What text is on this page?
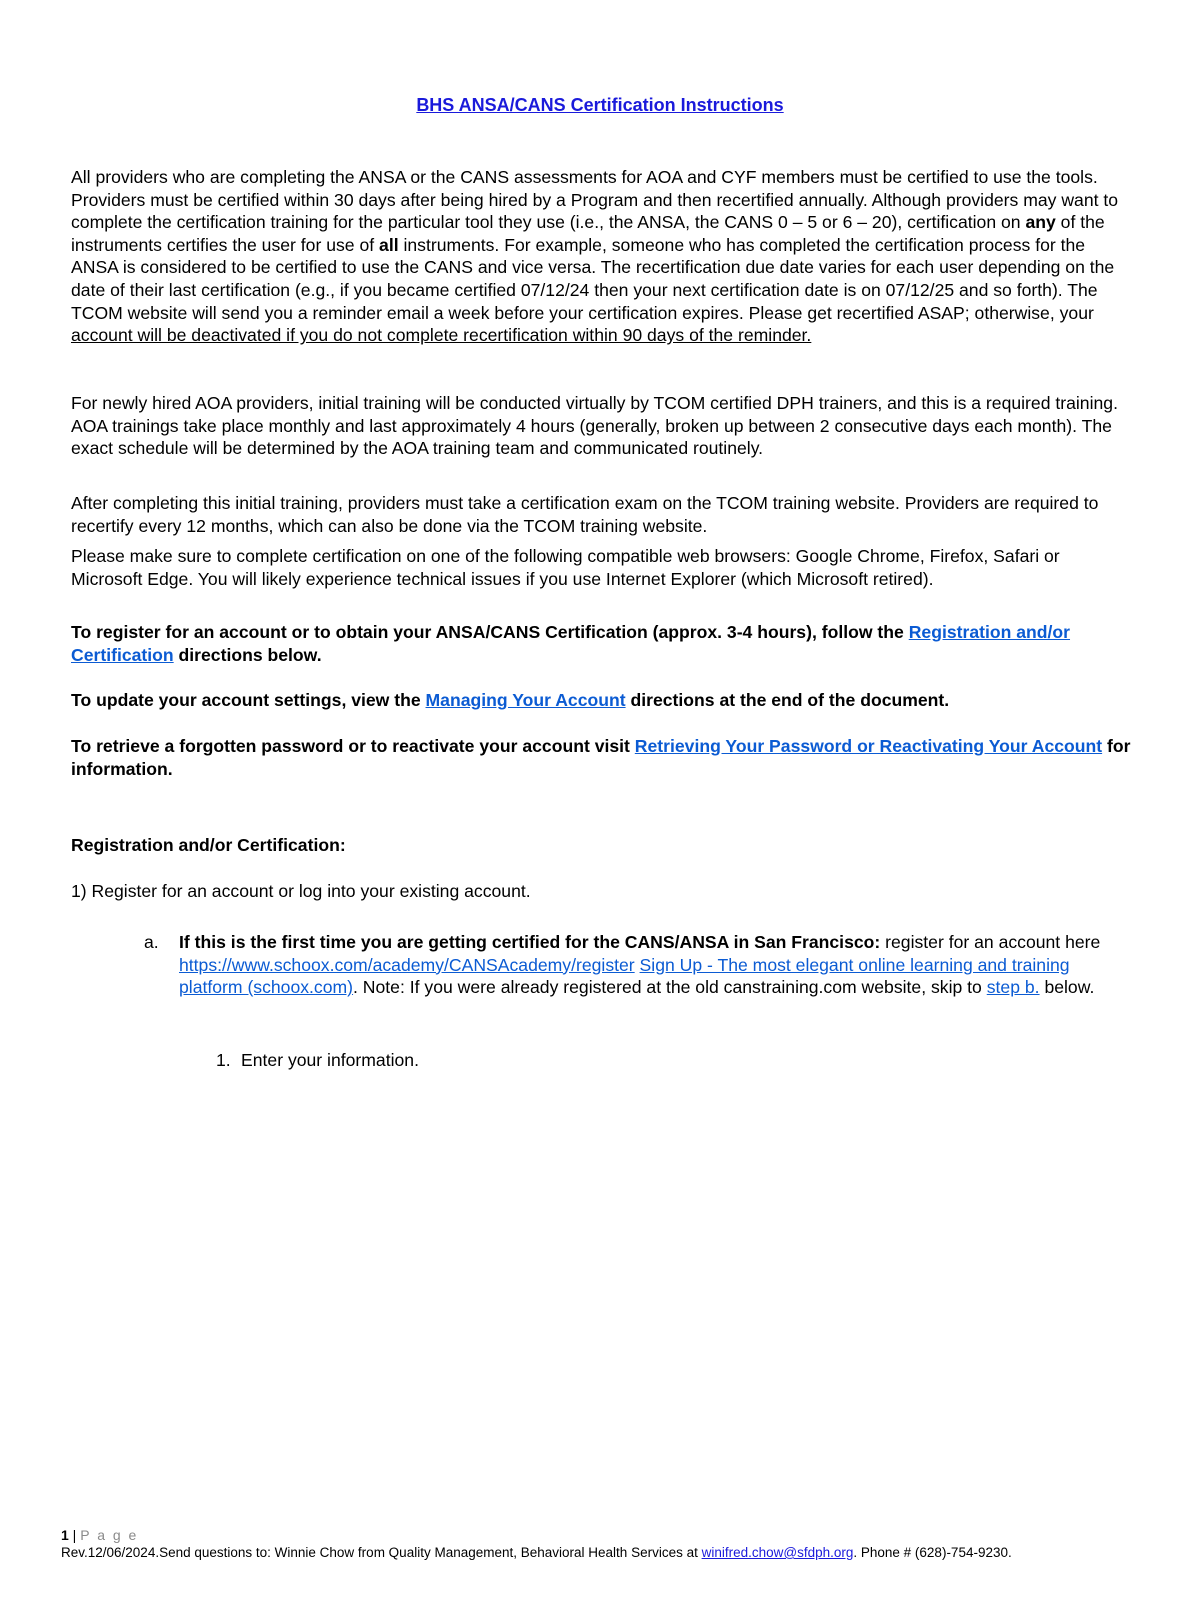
BHS ANSA/CANS Certification Instructions

All providers who are completing the ANSA or the CANS assessments for AOA and CYF members must be certified to use the tools. Providers must be certified within 30 days after being hired by a Program and then recertified annually. Although providers may want to complete the certification training for the particular tool they use (i.e., the ANSA, the CANS 0 – 5 or 6 – 20), certification on any of the instruments certifies the user for use of all instruments. For example, someone who has completed the certification process for the ANSA is considered to be certified to use the CANS and vice versa. The recertification due date varies for each user depending on the date of their last certification (e.g., if you became certified 07/12/24 then your next certification date is on 07/12/25 and so forth). The TCOM website will send you a reminder email a week before your certification expires. Please get recertified ASAP; otherwise, your account will be deactivated if you do not complete recertification within 90 days of the reminder.

For newly hired AOA providers, initial training will be conducted virtually by TCOM certified DPH trainers, and this is a required training. AOA trainings take place monthly and last approximately 4 hours (generally, broken up between 2 consecutive days each month). The exact schedule will be determined by the AOA training team and communicated routinely.

After completing this initial training, providers must take a certification exam on the TCOM training website. Providers are required to recertify every 12 months, which can also be done via the TCOM training website.

Please make sure to complete certification on one of the following compatible web browsers: Google Chrome, Firefox, Safari or Microsoft Edge. You will likely experience technical issues if you use Internet Explorer (which Microsoft retired).

To register for an account or to obtain your ANSA/CANS Certification (approx. 3-4 hours), follow the Registration and/or Certification directions below.

To update your account settings, view the Managing Your Account directions at the end of the document.

To retrieve a forgotten password or to reactivate your account visit Retrieving Your Password or Reactivating Your Account for information.

Registration and/or Certification:

1) Register for an account or log into your existing account.

a. If this is the first time you are getting certified for the CANS/ANSA in San Francisco: register for an account here https://www.schoox.com/academy/CANSAcademy/register Sign Up - The most elegant online learning and training platform (schoox.com). Note: If you were already registered at the old canstraining.com website, skip to step b. below.
1. Enter your information.
1 | P a g e
Rev.12/06/2024.Send questions to: Winnie Chow from Quality Management, Behavioral Health Services at winifred.chow@sfdph.org. Phone # (628)-754-9230.
